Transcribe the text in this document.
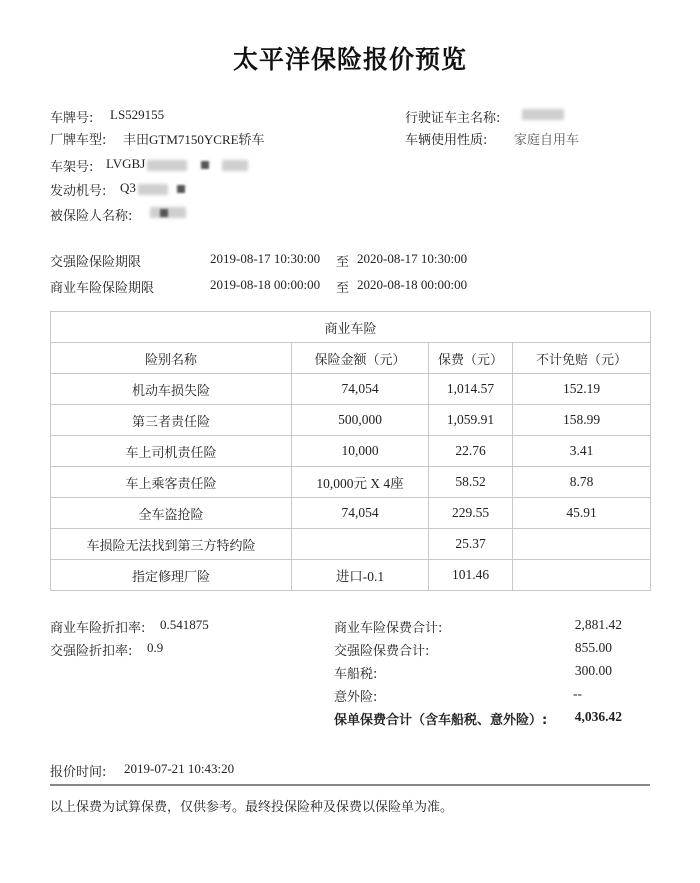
太平洋保险报价预览
车牌号: LS529155
厂牌车型: 丰田GTM7150YCRE轿车
车架号: LVGBJ
发动机号: Q3
被保险人名称:

行驶证车主名称:
车辆使用性质: 家庭自用车
交强险保险期限	2019-08-17 10:30:00 至 2020-08-17 10:30:00
商业车险保险期限	2019-08-18 00:00:00 至 2020-08-18 00:00:00
商业车险			
险别名称	保险金额（元）	保费（元）	不计免赔（元）
机动车损失险	74,054	1,014.57	152.19
第三者责任险	500,000	1,059.91	158.99
车上司机责任险	10,000	22.76	3.41
车上乘客责任险	10,000元 X 4座	58.52	8.78
全车盗抢险	74,054	229.55	45.91
车损险无法找到第三方特约险		25.37	
指定修理厂险	进口-0.1	101.46	
商业车险折扣率: 0.541875
交强险折扣率: 0.9
商业车险保费合计:	2,881.42
交强险保费合计:	855.00
车船税:	300.00
意外险:	--
保单保费合计（含车船税、意外险）:	4,036.42
报价时间: 2019-07-21 10:43:20
以上保费为试算保费，仅供参考。最终投保险种及保费以保险单为准。
